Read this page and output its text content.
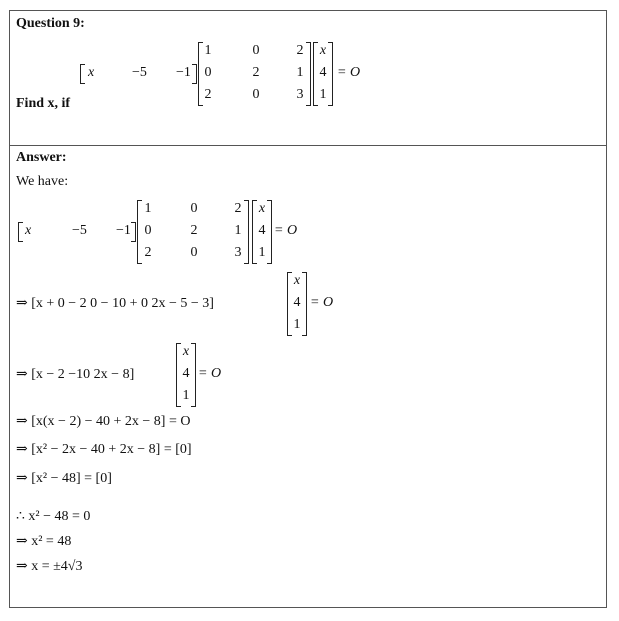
Question 9:
Find x, if
x	−5 −1
1	0	2
0	2	1
2	0	3
x
4
1
= O
Answer:
We have:
x	−5 −1
1	0	2
0	2	1
2	0	3
x
4
1
= O
⇒ [x + 0 − 2 0 − 10 + 0 2x − 5 − 3]
x
4
1
= O
⇒ [x − 2 −10 2x − 8]
x
4
1
= O
⇒ [x(x − 2) − 40 + 2x − 8] = O
⇒ [x² − 2x − 40 + 2x − 8] = [0]
⇒ [x² − 48] = [0]
∴ x² − 48 = 0
⇒ x² = 48
⇒ x = ±4√3
